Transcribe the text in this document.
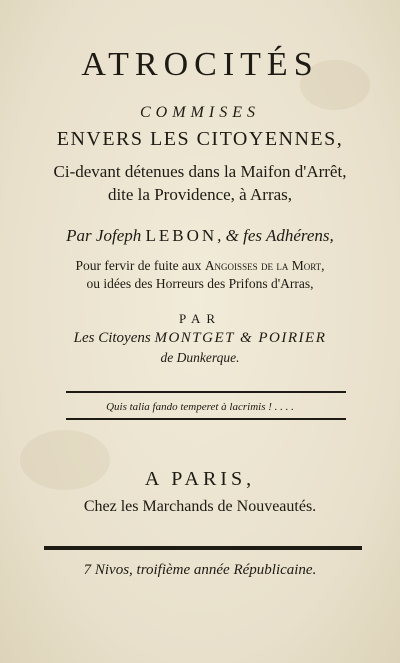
ATROCITÉS
COMMISES
ENVERS LES CITOYENNES,
Ci-devant détenues dans la Maifon d'Arrêt,
dite la Providence, à Arras,
Par Jofeph LEBON, & fes Adhérens,
Pour fervir de fuite aux Angoisses de la Mort,
ou idées des Horreurs des Prifons d'Arras,
PAR
Les Citoyens MONTGET & POIRIER
de Dunkerque.
Quis talia fando temperet à lacrimis ! . . . .
A PARIS,
Chez les Marchands de Nouveautés.
7 Nivos, troifième année Républicaine.
